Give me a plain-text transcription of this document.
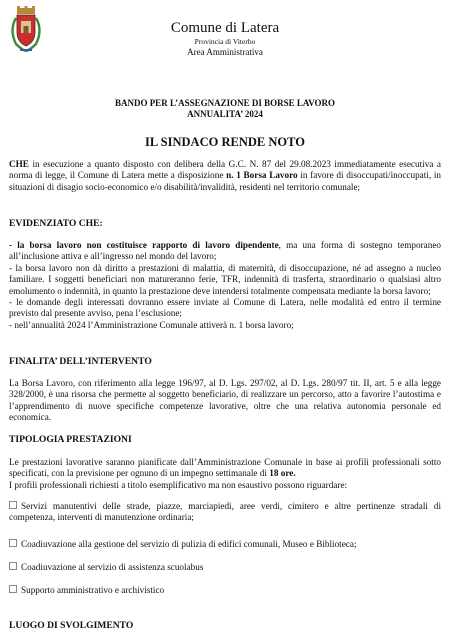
Comune di Latera
Provincia di Viterbo
Area Amministrativa
BANDO PER L’ASSEGNAZIONE DI BORSE LAVORO
ANNUALITA’ 2024
IL SINDACO RENDE NOTO
CHE in esecuzione a quanto disposto con delibera della G.C. N. 87 del 29.08.2023 immediatamente esecutiva a norma di legge, il Comune di Latera mette a disposizione n. 1 Borsa Lavoro in favore di disoccupati/inoccupati, in situazioni di disagio socio-economico e/o disabilità/invalidità, residenti nel territorio comunale;
EVIDENZIATO CHE:
- la borsa lavoro non costituisce rapporto di lavoro dipendente, ma una forma di sostegno temporaneo all’inclusione attiva e all’ingresso nel mondo del lavoro;
- la borsa lavoro non dà diritto a prestazioni di malattia, di maternità, di disoccupazione, né ad assegno a nucleo familiare. I soggetti beneficiari non matureranno ferie, TFR, indennità di trasferta, straordinario o qualsiasi altro emolumento o indennità, in quanto la prestazione deve intendersi totalmente compensata mediante la borsa lavoro;
- le domande degli interessati dovranno essere inviate al Comune di Latera, nelle modalità ed entro il termine previsto dal presente avviso, pena l’esclusione;
- nell’annualità 2024 l’Amministrazione Comunale attiverà n. 1 borsa lavoro;
FINALITA’ DELL’INTERVENTO
La Borsa Lavoro, con riferimento alla legge 196/97, al D. Lgs. 297/02, al D. Lgs. 280/97 tit. II, art. 5 e alla legge 328/2000, è una risorsa che permette al soggetto beneficiario, di realizzare un percorso, atto a favorire l’autostima e l’apprendimento di nuove specifiche competenze lavorative, oltre che una relativa autonomia personale ed economica.
TIPOLOGIA PRESTAZIONI
Le prestazioni lavorative saranno pianificate dall’Amministrazione Comunale in base ai profili professionali sotto specificati, con la previsione per ognuno di un impegno settimanale di 18 ore.
I profili professionali richiesti a titolo esemplificativo ma non esaustivo possono riguardare:
Servizi manutentivi delle strade, piazze, marciapiedi, aree verdi, cimitero e altre pertinenze stradali di competenza, interventi di manutenzione ordinaria;
Coadiuvazione alla gestione del servizio di pulizia di edifici comunali, Museo e Biblioteca;
Coadiuvazione al servizio di assistenza scuolabus
Supporto amministrativo e archivistico
LUOGO DI SVOLGIMENTO
